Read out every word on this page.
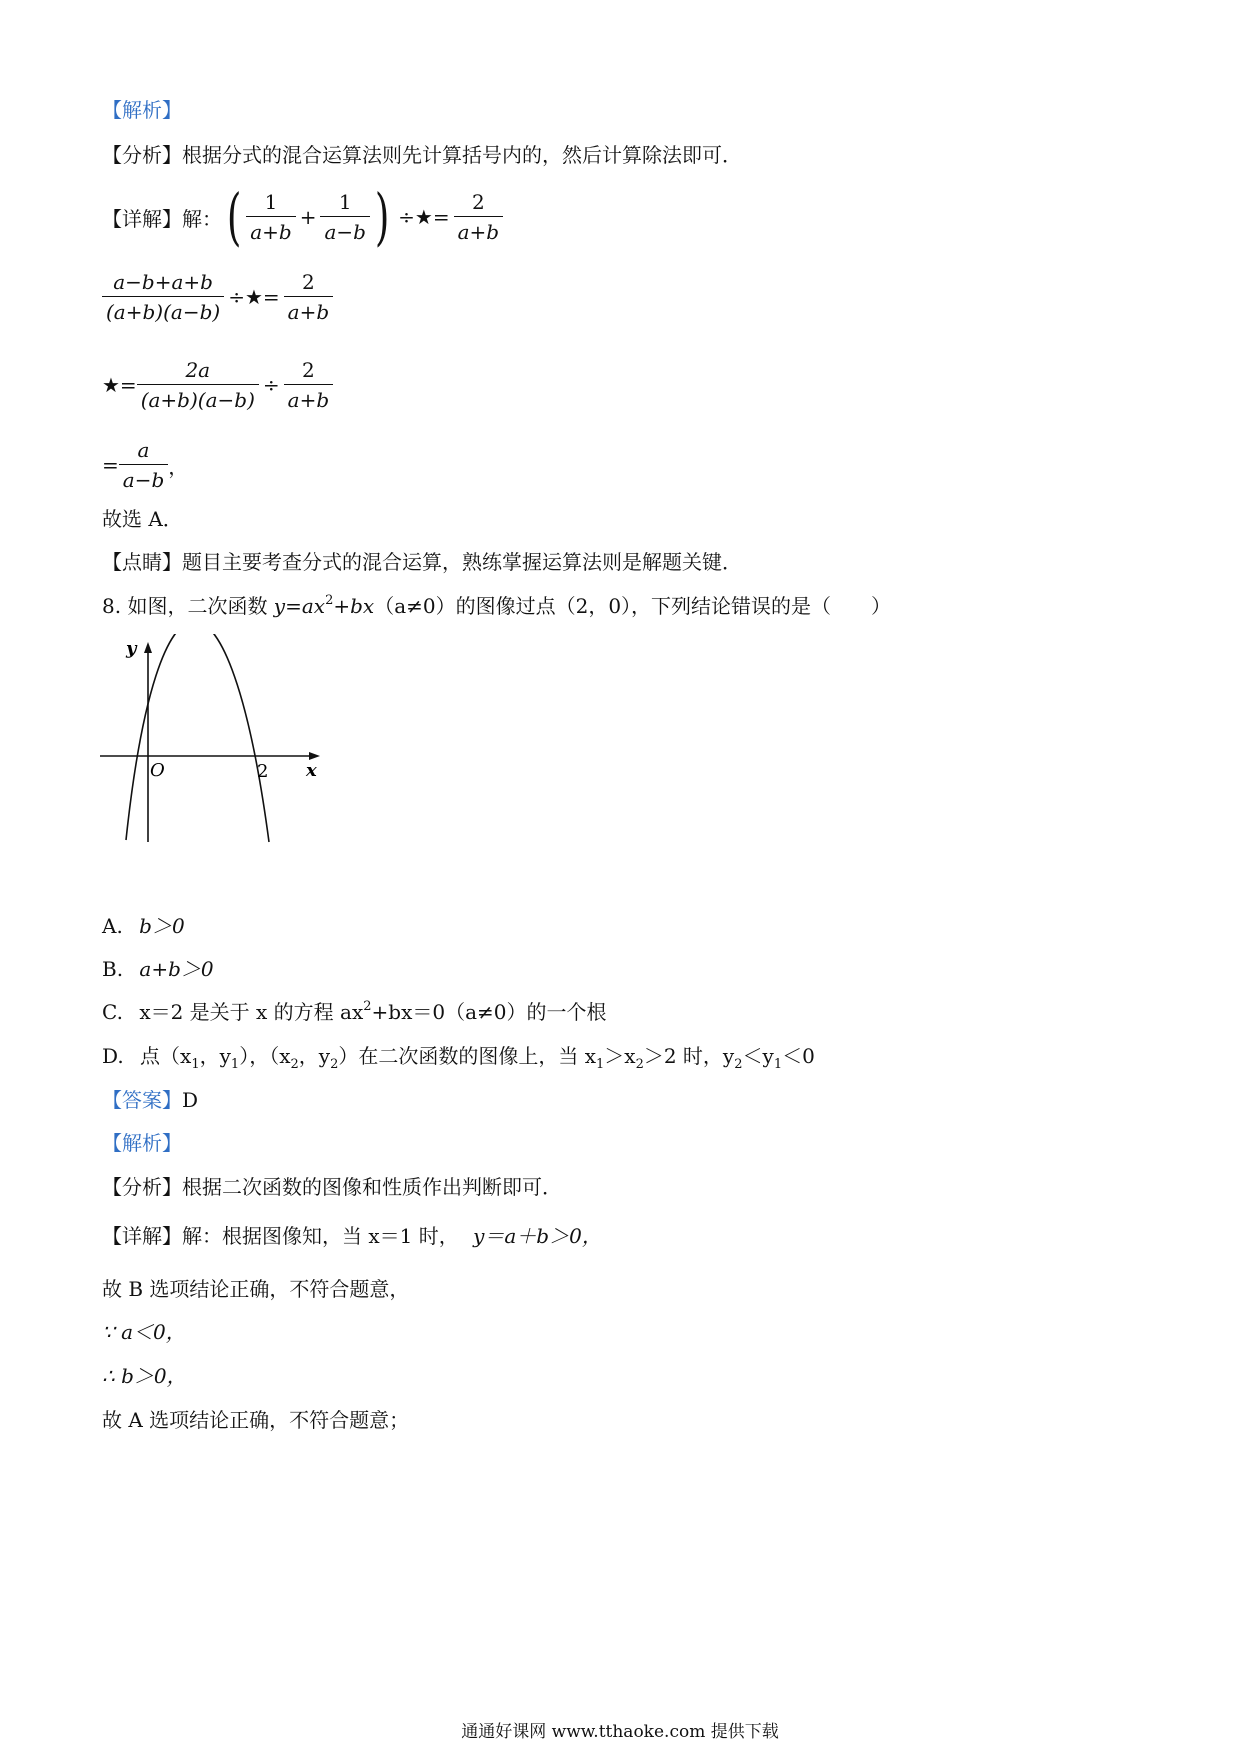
【解析】
【分析】根据分式的混合运算法则先计算括号内的，然后计算除法即可．
【详解】解： ( $\frac{1}{a+b} + \frac{1}{a-b}$ ) ÷★= $\frac{2}{a+b}$
$\frac{a-b+a+b}{(a+b)(a-b)}$ ÷★= $\frac{2}{a+b}$
★= $\frac{2a}{(a+b)(a-b)} \div \frac{2}{a+b}$
= $\frac{a}{a-b}$ ，
故选 A．
【点睛】题目主要考查分式的混合运算，熟练掌握运算法则是解题关键．
8. 如图，二次函数 $y=ax^2+bx(a\ne 0)$的图像过点（2，0），下列结论错误的是（　　）
y
x
O	2
A. b＞0
B. a+b＞0
C. x＝2 是关于 x 的方程 $ax^2+bx=0(a\ne 0)$的一个根
D. 点（$x_1$，$y_1$），（$x_2$，$y_2$）在二次函数的图像上，当 $x_1>x_2>2$ 时，$y_2<y_1<0$
【答案】D
【解析】
【分析】根据二次函数的图像和性质作出判断即可．
【详解】解：根据图像知，当 x＝1 时， y＝a＋b＞0，
故 B 选项结论正确，不符合题意，
∵ a＜0，
∴ b＞0，
故 A 选项结论正确，不符合题意；
通通好课网 www.tthaoke.com 提供下载
